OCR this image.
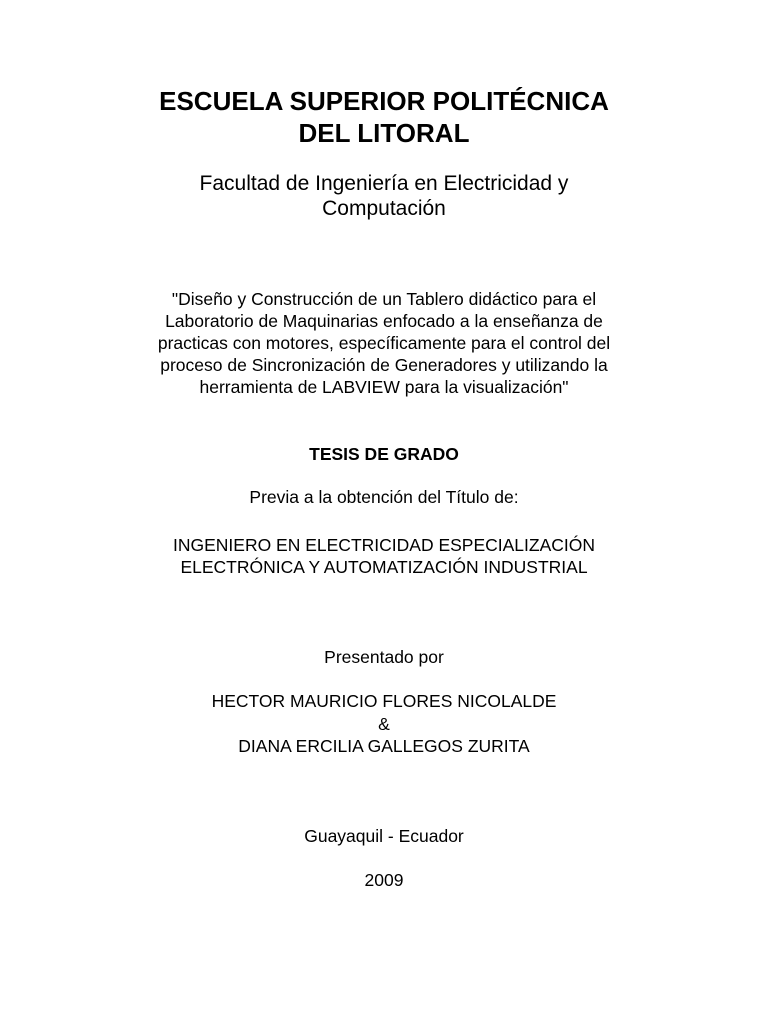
ESCUELA SUPERIOR POLITÉCNICA

DEL LITORAL

Facultad de Ingeniería en Electricidad y

Computación

"Diseño y Construcción de un Tablero didáctico para el

Laboratorio de Maquinarias enfocado a la enseñanza de

practicas con motores, específicamente para el control del

proceso de Sincronización de Generadores y utilizando la

herramienta de LABVIEW para la visualización"

TESIS DE GRADO

Previa a la obtención del Título de:

INGENIERO EN ELECTRICIDAD ESPECIALIZACIÓN

ELECTRÓNICA Y AUTOMATIZACIÓN INDUSTRIAL

Presentado por

HECTOR MAURICIO FLORES NICOLALDE

&

DIANA ERCILIA GALLEGOS ZURITA

Guayaquil - Ecuador

2009
